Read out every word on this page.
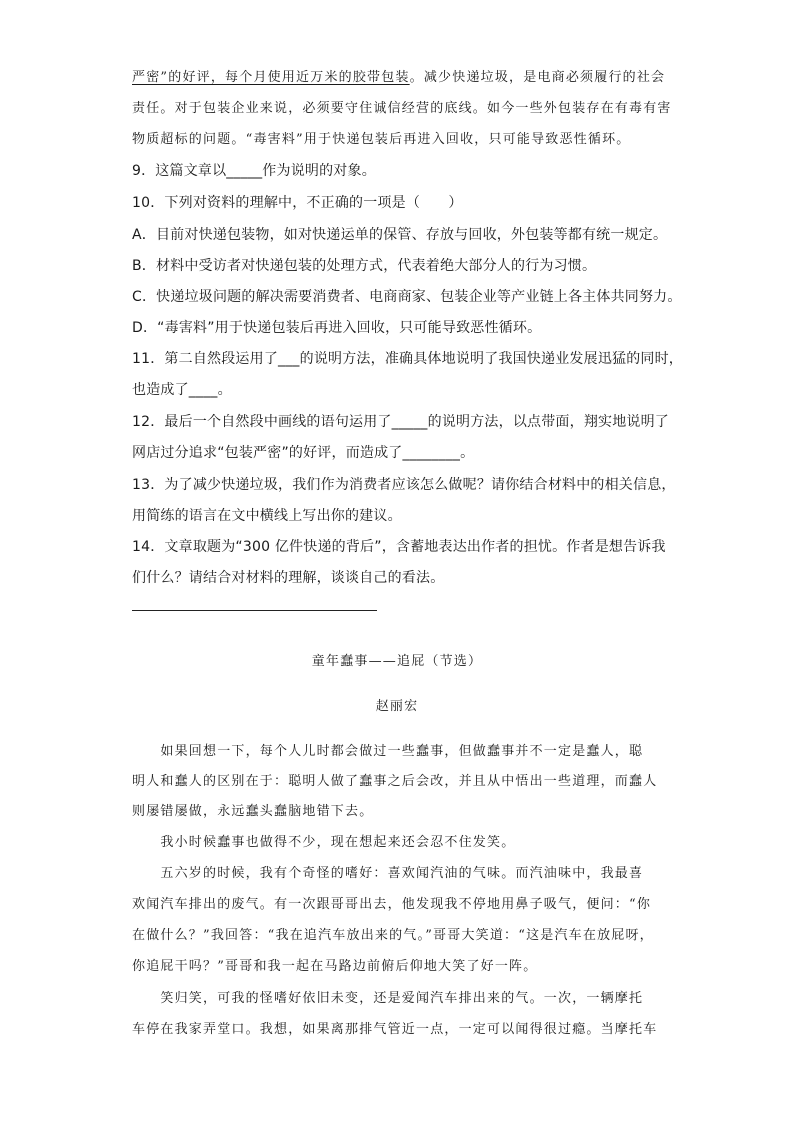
严密”的好评，每个月使用近万米的胶带包装。减少快递垃圾，是电商必须履行的社会
责任。对于包装企业来说，必须要守住诚信经营的底线。如今一些外包装存在有毒有害
物质超标的问题。“毒害料”用于快递包装后再进入回收，只可能导致恶性循环。
9．这篇文章以_____作为说明的对象。
10．下列对资料的理解中，不正确的一项是（　　）
A．目前对快递包装物，如对快递运单的保管、存放与回收，外包装等都有统一规定。
B．材料中受访者对快递包装的处理方式，代表着绝大部分人的行为习惯。
C．快递垃圾问题的解决需要消费者、电商商家、包装企业等产业链上各主体共同努力。
D．“毒害料”用于快递包装后再进入回收，只可能导致恶性循环。
11．第二自然段运用了___的说明方法，准确具体地说明了我国快递业发展迅猛的同时，
也造成了____。
12．最后一个自然段中画线的语句运用了_____的说明方法，以点带面，翔实地说明了
网店过分追求“包装严密”的好评，而造成了________。
13．为了减少快递垃圾，我们作为消费者应该怎么做呢？请你结合材料中的相关信息，
用简练的语言在文中横线上写出你的建议。
14．文章取题为“300 亿件快递的背后”，含蓄地表达出作者的担忧。作者是想告诉我
们什么？请结合对材料的理解，谈谈自己的看法。
童年蠢事——追屁（节选）
赵丽宏
　　如果回想一下，每个人儿时都会做过一些蠢事，但做蠢事并不一定是蠢人，聪
明人和蠢人的区别在于：聪明人做了蠢事之后会改，并且从中悟出一些道理，而蠢人
则屡错屡做，永远蠢头蠢脑地错下去。
　　我小时候蠢事也做得不少，现在想起来还会忍不住发笑。
　　五六岁的时候，我有个奇怪的嗜好：喜欢闻汽油的气味。而汽油味中，我最喜
欢闻汽车排出的废气。有一次跟哥哥出去，他发现我不停地用鼻子吸气，便问：“你
在做什么？”我回答：“我在追汽车放出来的气。”哥哥大笑道：“这是汽车在放屁呀，
你追屁干吗？”哥哥和我一起在马路边前俯后仰地大笑了好一阵。
　　笑归笑，可我的怪嗜好依旧未变，还是爱闻汽车排出来的气。一次，一辆摩托
车停在我家弄堂口。我想，如果离那排气管近一点，一定可以闻得很过瘾。当摩托车
